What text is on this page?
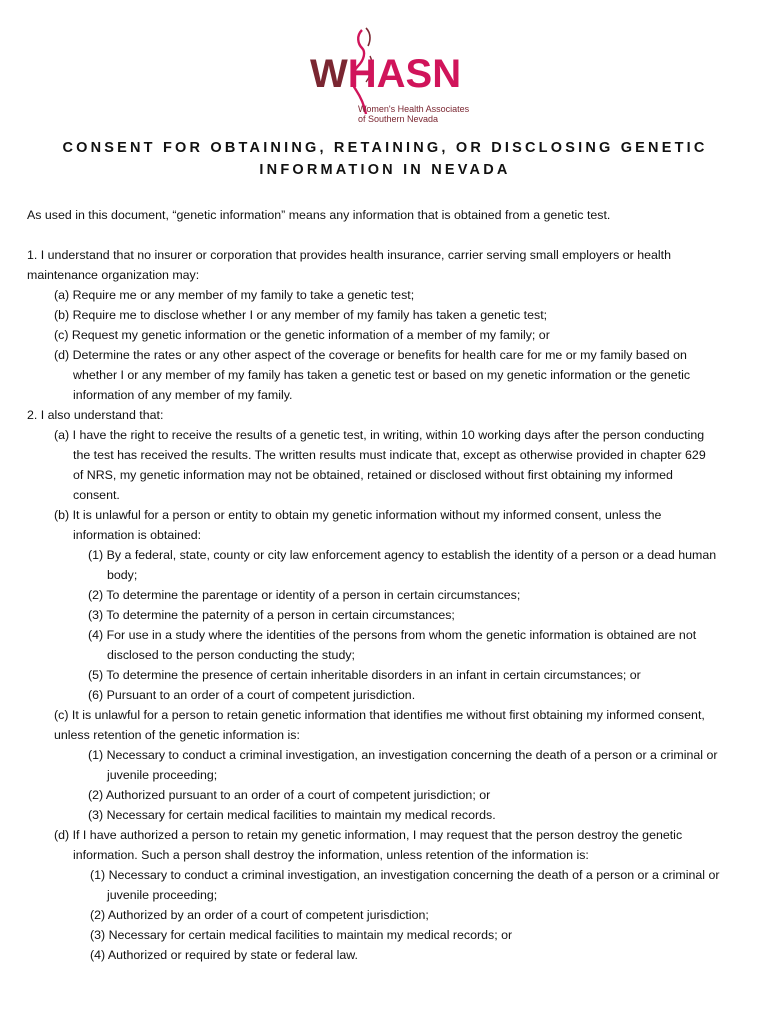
WHASN
Women's Health Associates
of Southern Nevada
CONSENT FOR OBTAINING, RETAINING, OR DISCLOSING GENETIC
INFORMATION IN NEVADA

As used in this document, “genetic information” means any information that is obtained from a genetic test.

1. I understand that no insurer or corporation that provides health insurance, carrier serving small employers or health

maintenance organization may:

(a) Require me or any member of my family to take a genetic test;

(b) Require me to disclose whether I or any member of my family has taken a genetic test;

(c) Request my genetic information or the genetic information of a member of my family; or

(d) Determine the rates or any other aspect of the coverage or benefits for health care for me or my family based on

whether I or any member of my family has taken a genetic test or based on my genetic information or the genetic

information of any member of my family.

2. I also understand that:

(a) I have the right to receive the results of a genetic test, in writing, within 10 working days after the person conducting

the test has received the results. The written results must indicate that, except as otherwise provided in chapter 629

of NRS, my genetic information may not be obtained, retained or disclosed without first obtaining my informed

consent.

(b) It is unlawful for a person or entity to obtain my genetic information without my informed consent, unless the

information is obtained:

(1) By a federal, state, county or city law enforcement agency to establish the identity of a person or a dead human

body;

(2) To determine the parentage or identity of a person in certain circumstances;

(3) To determine the paternity of a person in certain circumstances;

(4) For use in a study where the identities of the persons from whom the genetic information is obtained are not

disclosed to the person conducting the study;

(5) To determine the presence of certain inheritable disorders in an infant in certain circumstances; or

(6) Pursuant to an order of a court of competent jurisdiction.

(c) It is unlawful for a person to retain genetic information that identifies me without first obtaining my informed consent,

unless retention of the genetic information is:

(1) Necessary to conduct a criminal investigation, an investigation concerning the death of a person or a criminal or

juvenile proceeding;

(2) Authorized pursuant to an order of a court of competent jurisdiction; or

(3) Necessary for certain medical facilities to maintain my medical records.

(d) If I have authorized a person to retain my genetic information, I may request that the person destroy the genetic

information. Such a person shall destroy the information, unless retention of the information is:

(1) Necessary to conduct a criminal investigation, an investigation concerning the death of a person or a criminal or

juvenile proceeding;

(2) Authorized by an order of a court of competent jurisdiction;

(3) Necessary for certain medical facilities to maintain my medical records; or

(4) Authorized or required by state or federal law.
